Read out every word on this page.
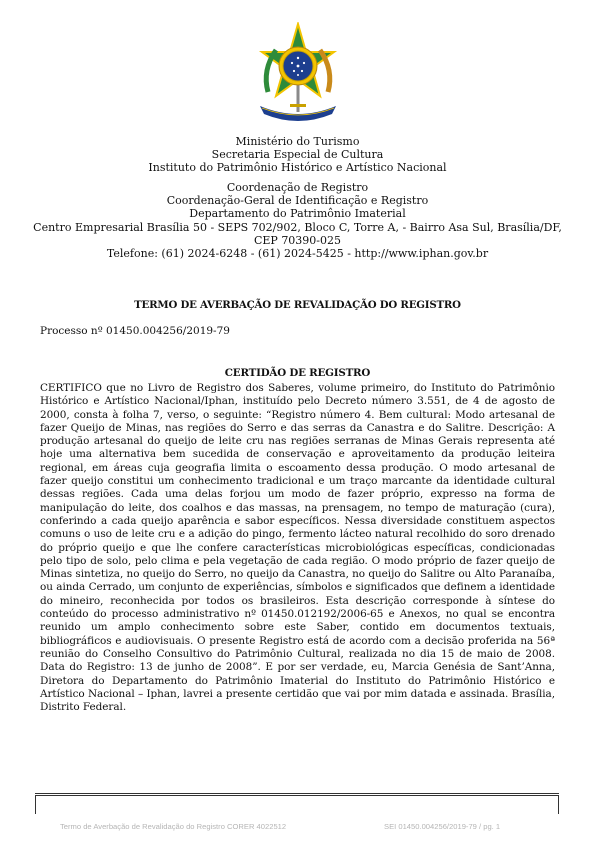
Ministério do Turismo
Secretaria Especial de Cultura
Instituto do Patrimônio Histórico e Artístico Nacional
Coordenação de Registro
Coordenação-Geral de Identificação e Registro
Departamento do Patrimônio Imaterial
Centro Empresarial Brasília 50 - SEPS 702/902, Bloco C, Torre A, - Bairro Asa Sul, Brasília/DF,
CEP 70390-025
Telefone: (61) 2024-6248 - (61) 2024-5425 - http://www.iphan.gov.br
TERMO DE AVERBAÇÃO DE REVALIDAÇÃO DO REGISTRO
Processo nº 01450.004256/2019-79
CERTIDÃO DE REGISTRO
CERTIFICO que no Livro de Registro dos Saberes, volume primeiro, do Instituto do Patrimônio Histórico e Artístico Nacional/Iphan, instituído pelo Decreto número 3.551, de 4 de agosto de 2000, consta à folha 7, verso, o seguinte: “Registro número 4. Bem cultural: Modo artesanal de fazer Queijo de Minas, nas regiões do Serro e das serras da Canastra e do Salitre. Descrição: A produção artesanal do queijo de leite cru nas regiões serranas de Minas Gerais representa até hoje uma alternativa bem sucedida de conservação e aproveitamento da produção leiteira regional, em áreas cuja geografia limita o escoamento dessa produção. O modo artesanal de fazer queijo constitui um conhecimento tradicional e um traço marcante da identidade cultural dessas regiões. Cada uma delas forjou um modo de fazer próprio, expresso na forma de manipulação do leite, dos coalhos e das massas, na prensagem, no tempo de maturação (cura), conferindo a cada queijo aparência e sabor específicos. Nessa diversidade constituem aspectos comuns o uso de leite cru e a adição do pingo, fermento lácteo natural recolhido do soro drenado do próprio queijo e que lhe confere características microbiológicas específicas, condicionadas pelo tipo de solo, pelo clima e pela vegetação de cada região. O modo próprio de fazer queijo de Minas sintetiza, no queijo do Serro, no queijo da Canastra, no queijo do Salitre ou Alto Paranaíba, ou ainda Cerrado, um conjunto de experiências, símbolos e significados que definem a identidade do mineiro, reconhecida por todos os brasileiros. Esta descrição corresponde à síntese do conteúdo do processo administrativo nº 01450.012192/2006-65 e Anexos, no qual se encontra reunido um amplo conhecimento sobre este Saber, contido em documentos textuais, bibliográficos e audiovisuais. O presente Registro está de acordo com a decisão proferida na 56ª reunião do Conselho Consultivo do Patrimônio Cultural, realizada no dia 15 de maio de 2008. Data do Registro: 13 de junho de 2008”. E por ser verdade, eu, Marcia Genésia de Sant’Anna, Diretora do Departamento do Patrimônio Imaterial do Instituto do Patrimônio Histórico e Artístico Nacional – Iphan, lavrei a presente certidão que vai por mim datada e assinada. Brasília, Distrito Federal.
Termo de Averbação de Revalidação do Registro CORER 4022512	SEI 01450.004256/2019-79 / pg. 1
